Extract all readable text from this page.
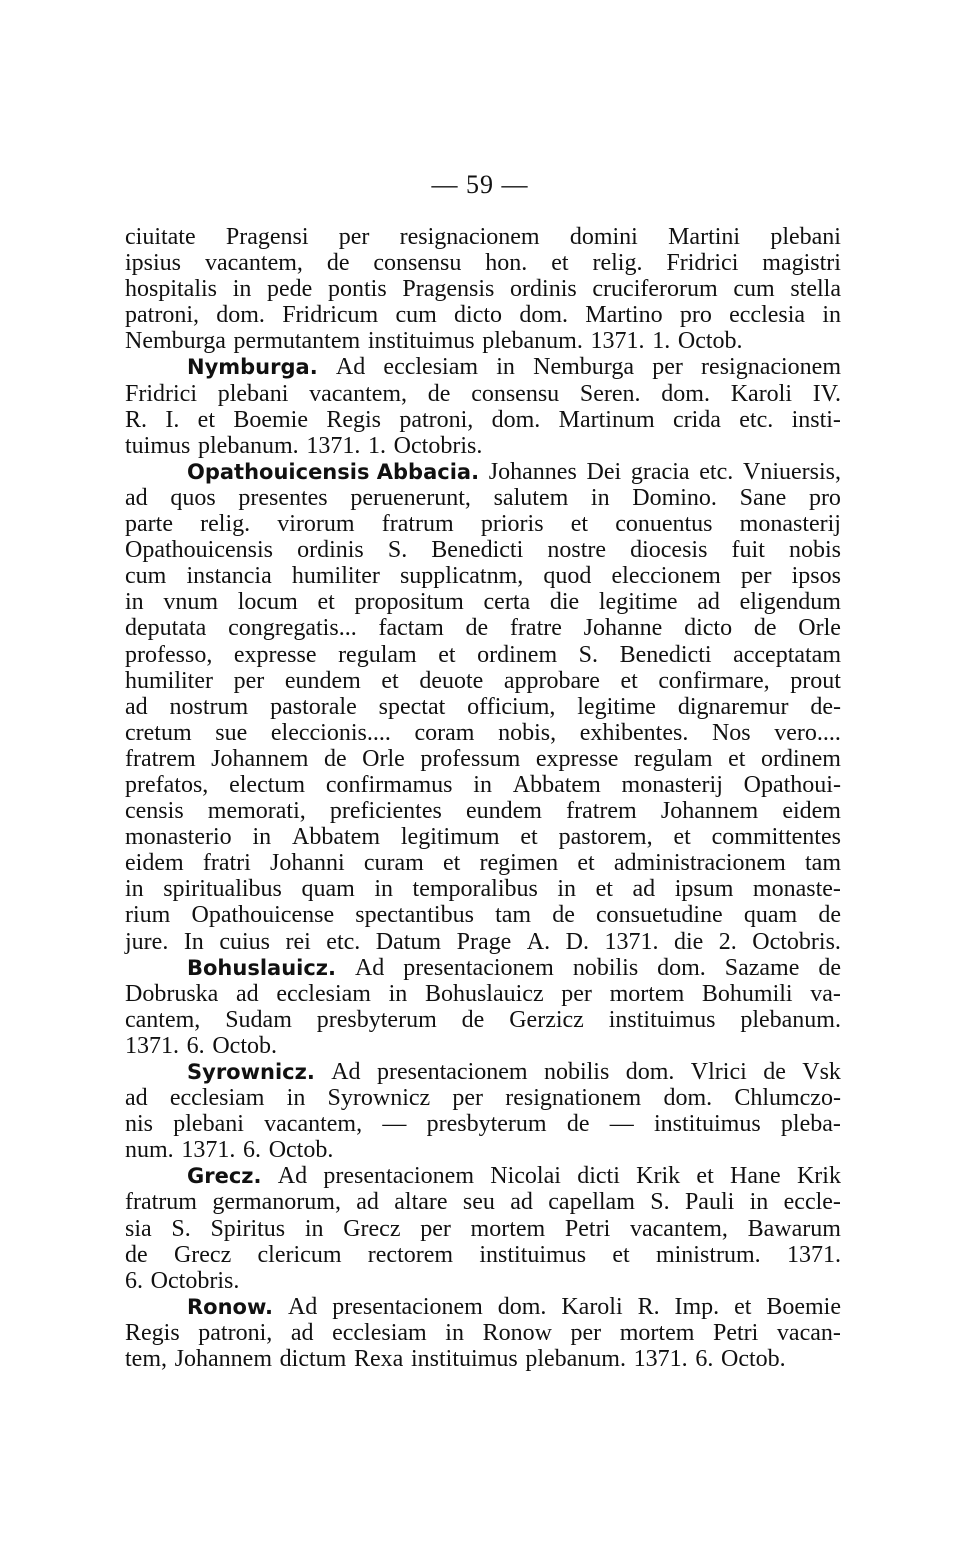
— 59 —
ciuitate Pragensi per resignacionem domini Martini plebani
ipsius vacantem, de consensu hon. et relig. Fridrici magistri
hospitalis in pede pontis Pragensis ordinis cruciferorum cum stella
patroni, dom. Fridricum cum dicto dom. Martino pro ecclesia in
Nemburga permutantem instituimus plebanum. 1371. 1. Octob.
Nymburga. Ad ecclesiam in Nemburga per resignacionem
Fridrici plebani vacantem, de consensu Seren. dom. Karoli IV.
R. I. et Boemie Regis patroni, dom. Martinum crida etc. insti-
tuimus plebanum. 1371. 1. Octobris.
Opathouicensis Abbacia. Johannes Dei gracia etc. Vniuersis,
ad quos presentes peruenerunt, salutem in Domino. Sane pro
parte relig. virorum fratrum prioris et conuentus monasterij
Opathouicensis ordinis S. Benedicti nostre diocesis fuit nobis
cum instancia humiliter supplicatnm, quod eleccionem per ipsos
in vnum locum et propositum certa die legitime ad eligendum
deputata congregatis... factam de fratre Johanne dicto de Orle
professo, expresse regulam et ordinem S. Benedicti acceptatam
humiliter per eundem et deuote approbare et confirmare, prout
ad nostrum pastorale spectat officium, legitime dignaremur de-
cretum sue eleccionis.... coram nobis, exhibentes. Nos vero....
fratrem Johannem de Orle professum expresse regulam et ordinem
prefatos, electum confirmamus in Abbatem monasterij Opathoui-
censis memorati, preficientes eundem fratrem Johannem eidem
monasterio in Abbatem legitimum et pastorem, et committentes
eidem fratri Johanni curam et regimen et administracionem tam
in spiritualibus quam in temporalibus in et ad ipsum monaste-
rium Opathouicense spectantibus tam de consuetudine quam de
jure. In cuius rei etc. Datum Prage A. D. 1371. die 2. Octobris.
Bohuslauicz. Ad presentacionem nobilis dom. Sazame de
Dobruska ad ecclesiam in Bohuslauicz per mortem Bohumili va-
cantem, Sudam presbyterum de Gerzicz instituimus plebanum.
1371. 6. Octob.
Syrownicz. Ad presentacionem nobilis dom. Vlrici de Vsk
ad ecclesiam in Syrownicz per resignationem dom. Chlumczo-
nis plebani vacantem, — presbyterum de — instituimus pleba-
num. 1371. 6. Octob.
Grecz. Ad presentacionem Nicolai dicti Krik et Hane Krik
fratrum germanorum, ad altare seu ad capellam S. Pauli in eccle-
sia S. Spiritus in Grecz per mortem Petri vacantem, Bawarum
de Grecz clericum rectorem instituimus et ministrum. 1371.
6. Octobris.
Ronow. Ad presentacionem dom. Karoli R. Imp. et Boemie
Regis patroni, ad ecclesiam in Ronow per mortem Petri vacan-
tem, Johannem dictum Rexa instituimus plebanum. 1371. 6. Octob.
